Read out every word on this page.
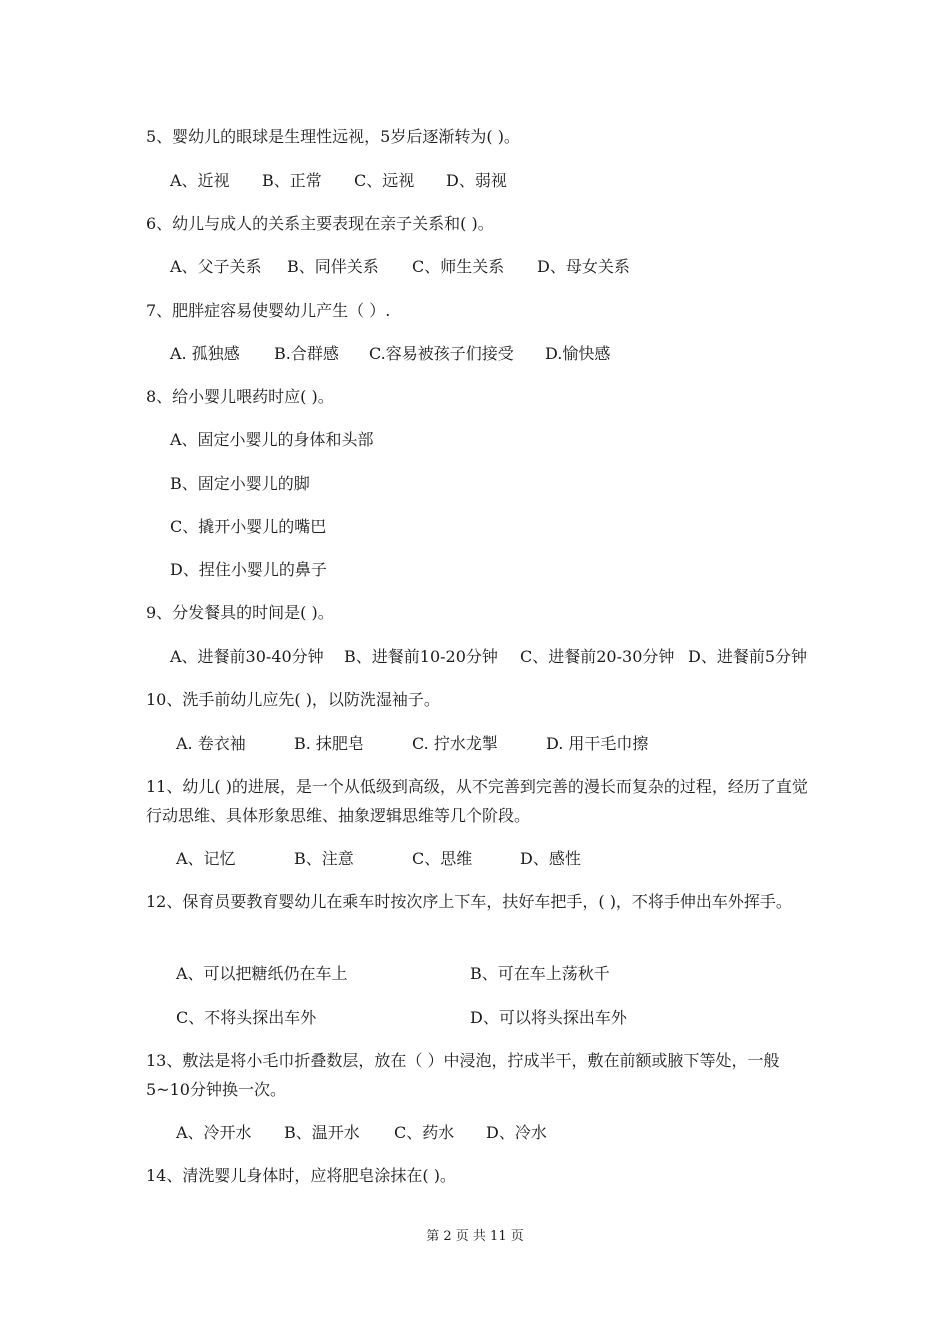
5、婴幼儿的眼球是生理性远视，5岁后逐渐转为( )。
A、近视	B、正常	C、远视	D、弱视
6、幼儿与成人的关系主要表现在亲子关系和( )。
A、父子关系	B、同伴关系	C、师生关系	D、母女关系
7、肥胖症容易使婴幼儿产生（ ）.
A. 孤独感	B.合群感	C.容易被孩子们接受	D.愉快感
8、给小婴儿喂药时应( )。
A、固定小婴儿的身体和头部
B、固定小婴儿的脚
C、撬开小婴儿的嘴巴
D、捏住小婴儿的鼻子
9、分发餐具的时间是( )。
A、进餐前30-40分钟	B、进餐前10-20分钟	C、进餐前20-30分钟 D、进餐前5分钟
10、洗手前幼儿应先( )，以防洗湿袖子。
A. 卷衣袖	B. 抹肥皂	C. 拧水龙掣	D. 用干毛巾擦
11、幼儿( )的进展，是一个从低级到高级，从不完善到完善的漫长而复杂的过程，经历了直觉行动思维、具体形象思维、抽象逻辑思维等几个阶段。
A、记忆	B、注意	C、思维	D、感性
12、保育员要教育婴幼儿在乘车时按次序上下车，扶好车把手，( )，不将手伸出车外挥手。
A、可以把糖纸仍在车上	B、可在车上荡秋千
C、不将头探出车外	D、可以将头探出车外
13、敷法是将小毛巾折叠数层，放在（ ）中浸泡，拧成半干，敷在前额或腋下等处，一般5~10分钟换一次。
A、冷开水	B、温开水	C、药水	D、冷水
14、清洗婴儿身体时，应将肥皂涂抹在( )。
第 2 页 共 11 页
